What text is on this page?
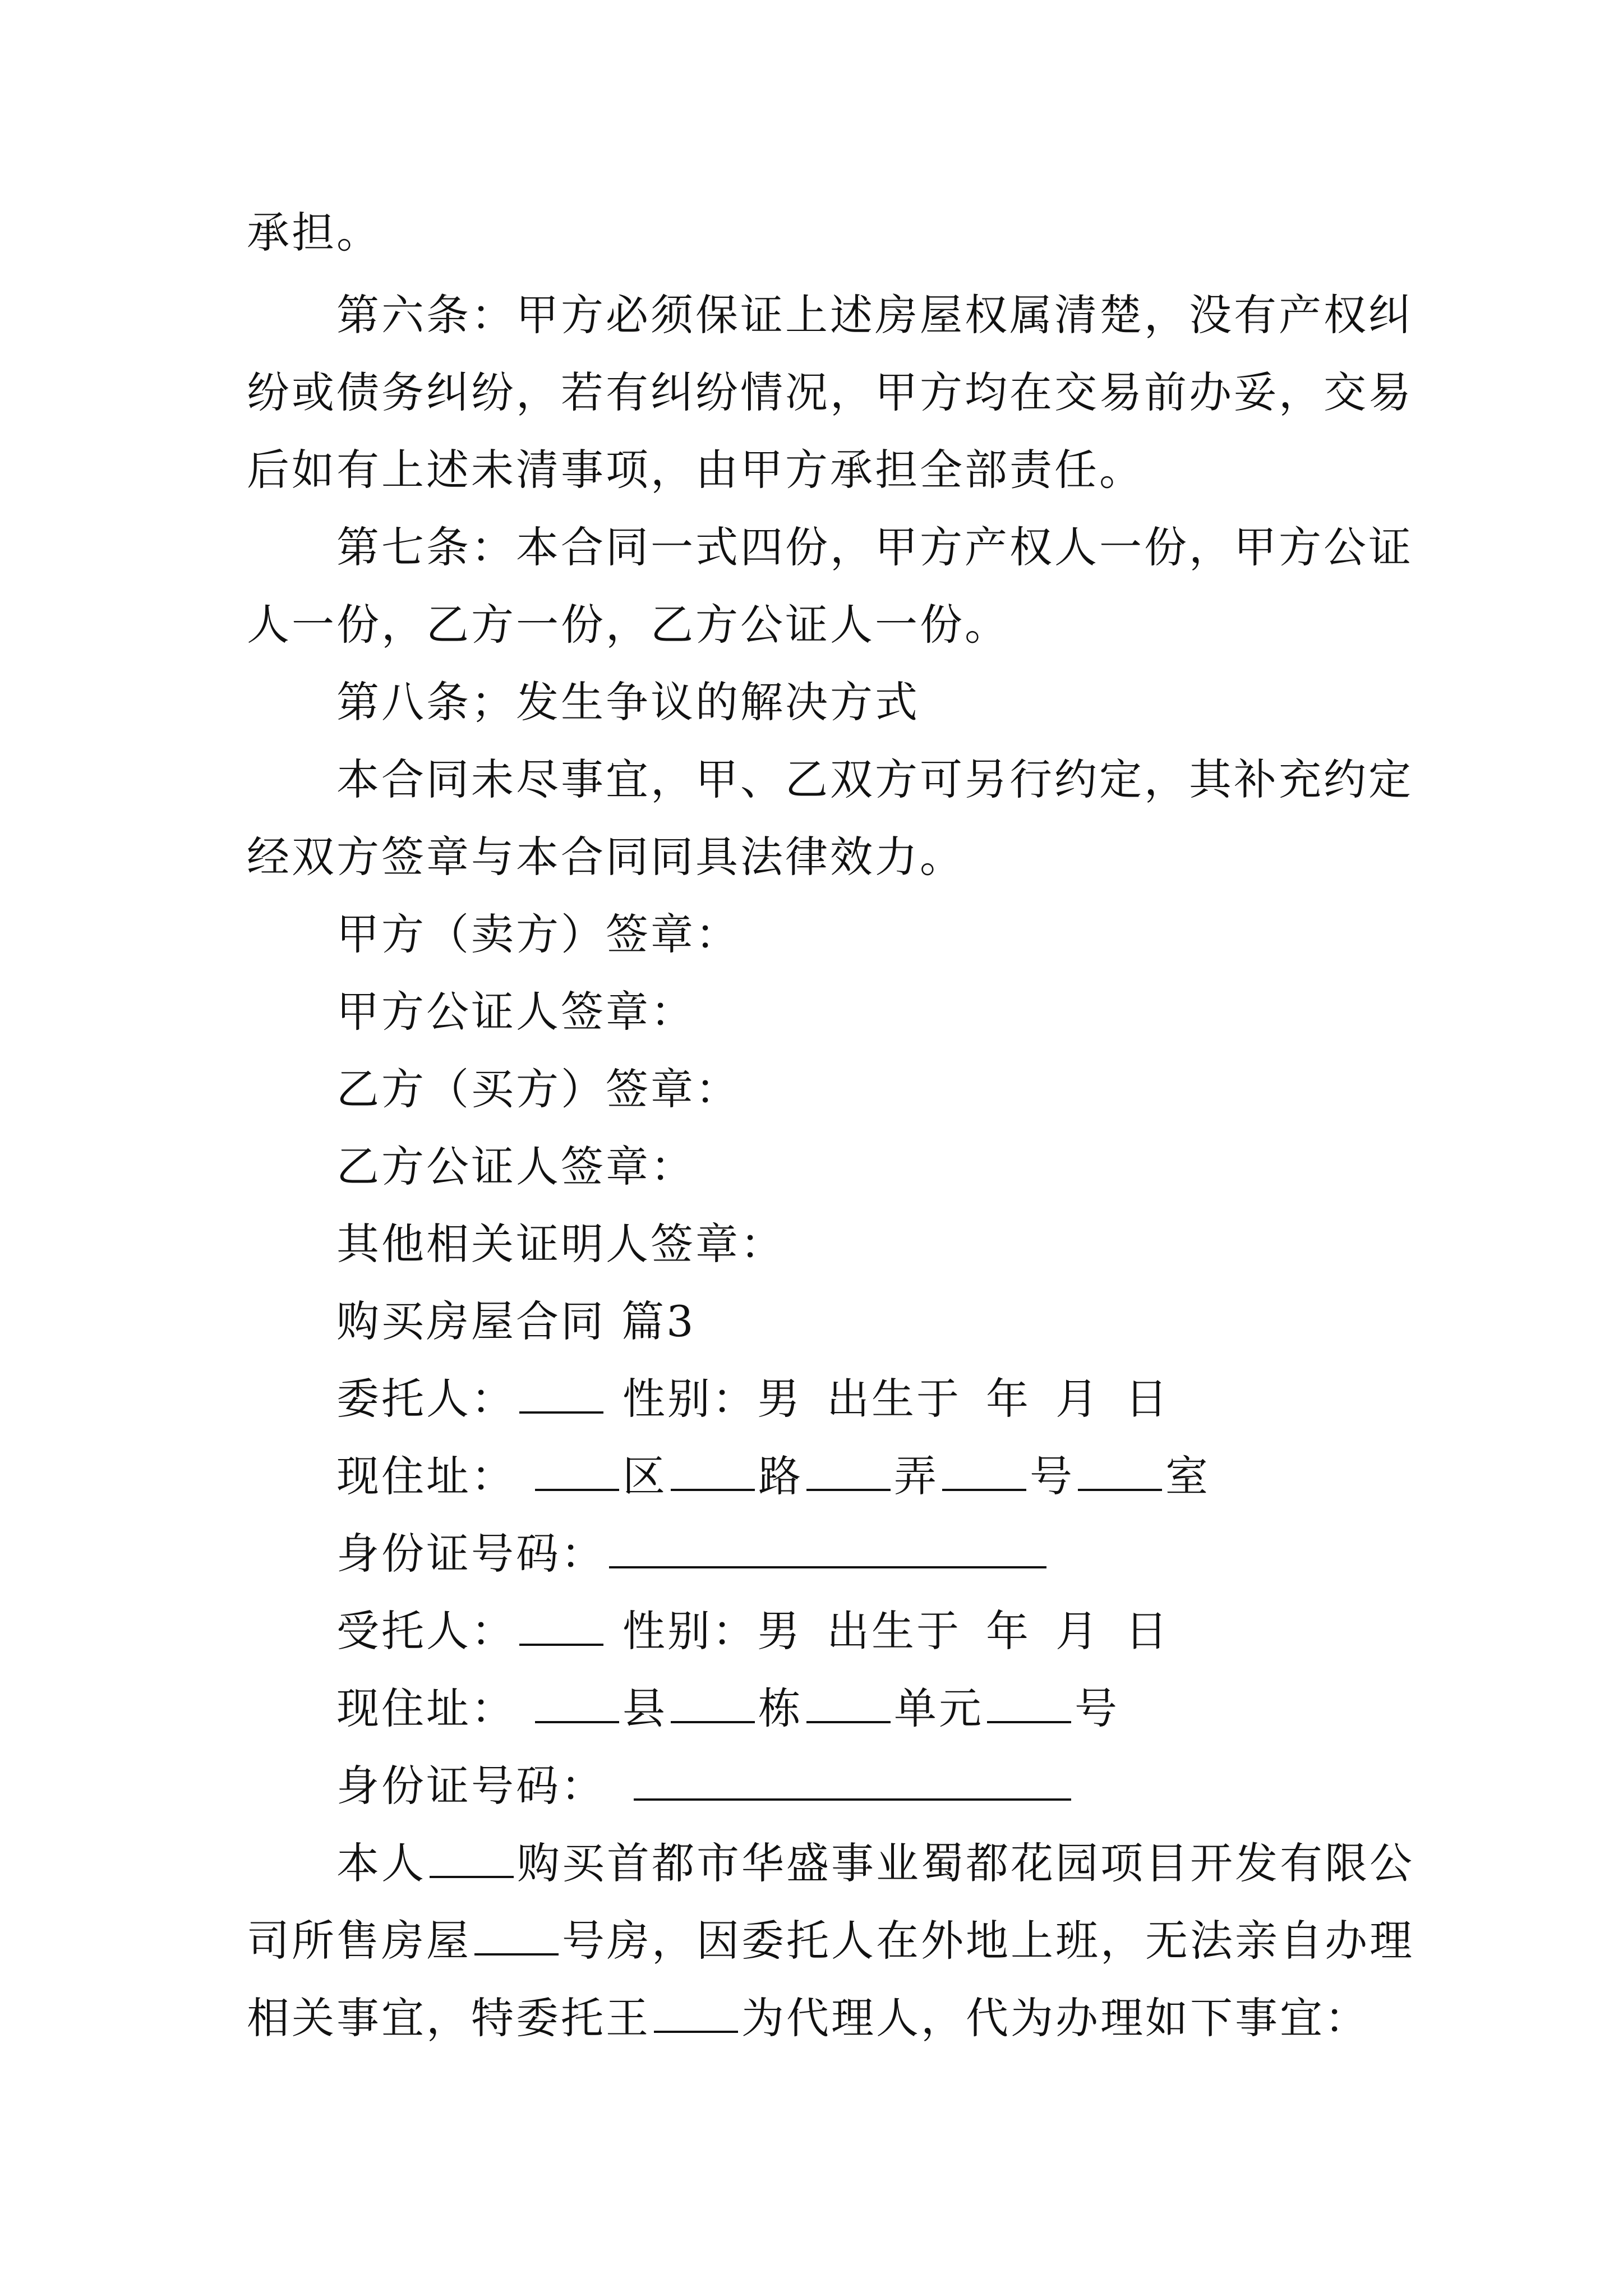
承担。
第六条：甲方必须保证上述房屋权属清楚，没有产权纠
纷或债务纠纷，若有纠纷情况，甲方均在交易前办妥，交易
后如有上述未清事项，由甲方承担全部责任。
第七条：本合同一式四份，甲方产权人一份，甲方公证
人一份，乙方一份，乙方公证人一份。
第八条；发生争议的解决方式
本合同未尽事宜，甲、乙双方可另行约定，其补充约定
经双方签章与本合同同具法律效力。
甲方（卖方）签章：
甲方公证人签章：
乙方（买方）签章：
乙方公证人签章：
其他相关证明人签章：
购买房屋合同 篇3
委托人：	性别：男 出生于 年 月 日
现住址：	区 路 弄 号 室
身份证号码：
受托人：	性别：男 出生于 年 月 日
现住址：	县 栋 单元 号
身份证号码：
本人 购买首都市华盛事业蜀都花园项目开发有限公
司所售房屋 号房，因委托人在外地上班，无法亲自办理
相关事宜，特委托王 为代理人，代为办理如下事宜：
